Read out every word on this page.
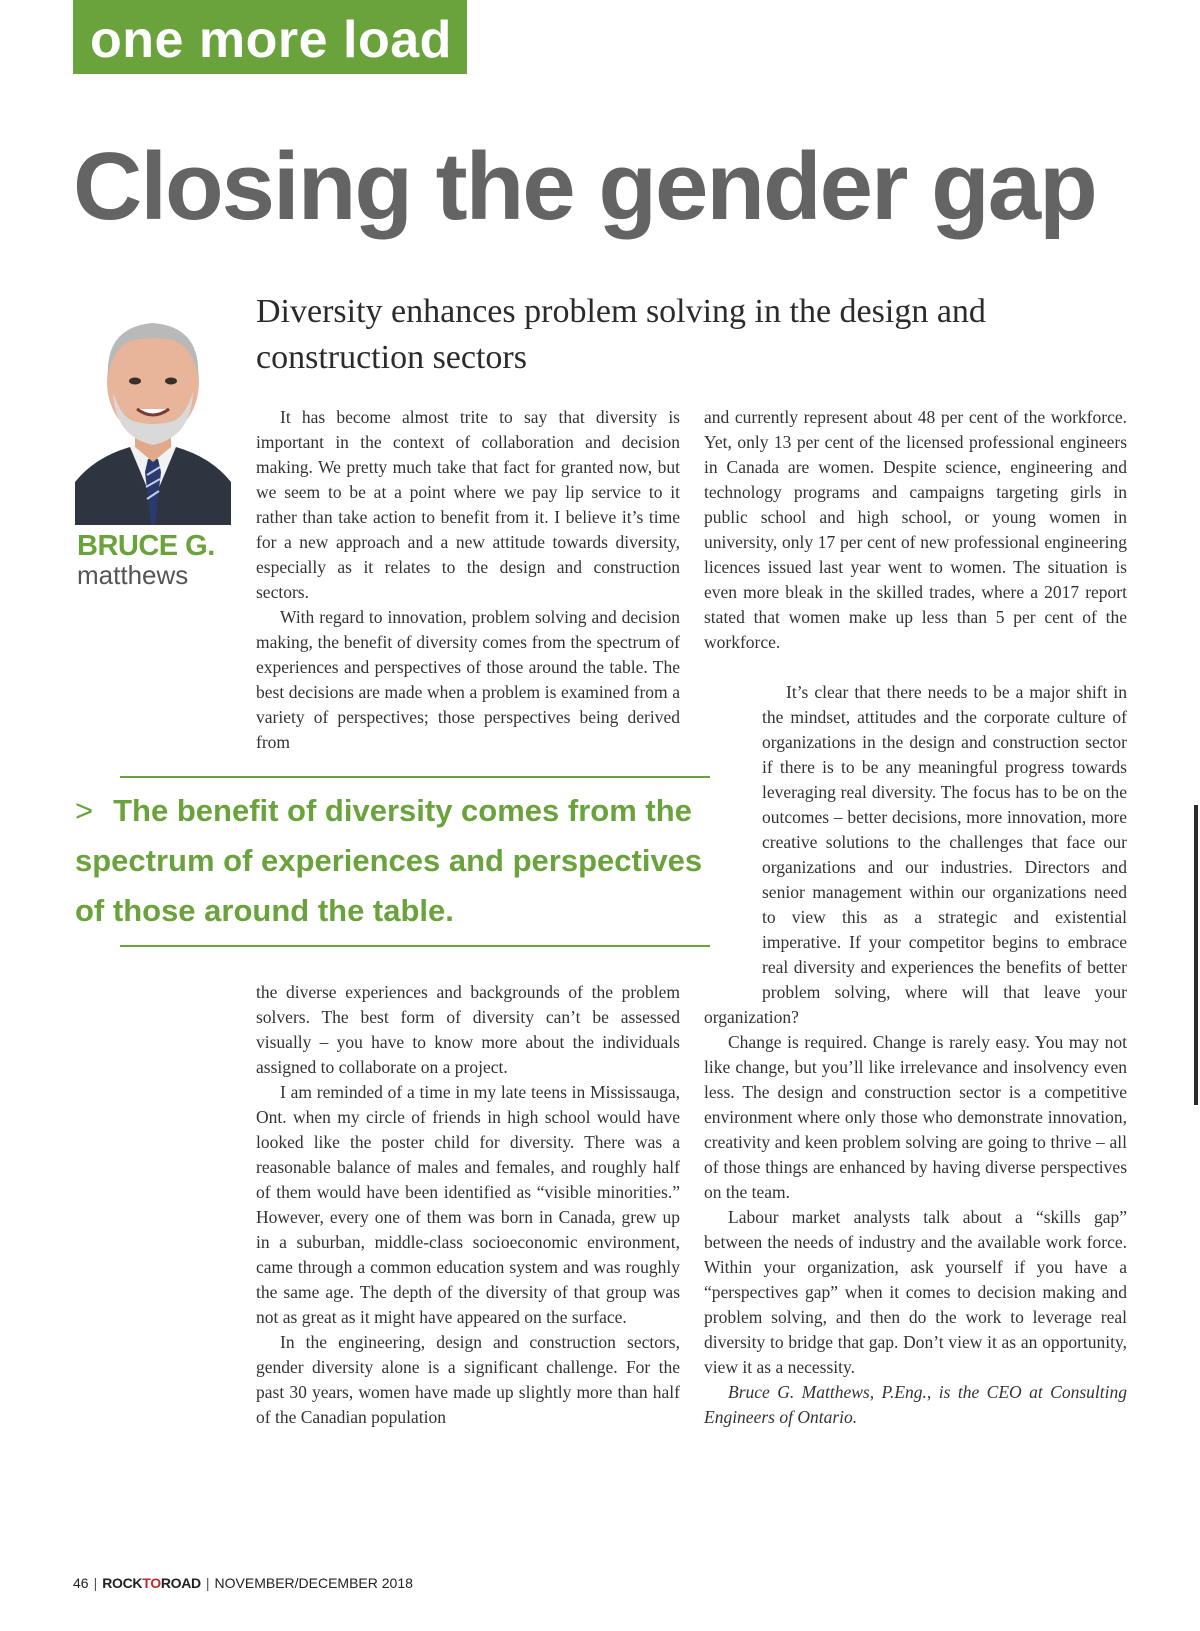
one more load
Closing the gender gap
BRUCE G.
matthews
Diversity enhances problem solving in the design and construction sectors

It has become almost trite to say that diversity is important in the context of collaboration and decision making. We pretty much take that fact for granted now, but we seem to be at a point where we pay lip service to it rather than take action to benefit from it. I believe it’s time for a new approach and a new attitude towards diversity, especially as it relates to the design and construction sectors.

With regard to innovation, problem solving and decision making, the benefit of diversity comes from the spectrum of experiences and perspectives of those around the table. The best decisions are made when a problem is examined from a variety of perspectives; those perspectives being derived from

> The benefit of diversity comes from the spectrum of experiences and perspectives of those around the table.

the diverse experiences and backgrounds of the problem solvers. The best form of diversity can’t be assessed visually – you have to know more about the individuals assigned to collaborate on a project.

I am reminded of a time in my late teens in Mississauga, Ont. when my circle of friends in high school would have looked like the poster child for diversity. There was a reasonable balance of males and females, and roughly half of them would have been identified as “visible minorities.” However, every one of them was born in Canada, grew up in a suburban, middle-class socioeconomic environment, came through a common education system and was roughly the same age. The depth of the diversity of that group was not as great as it might have appeared on the surface.

In the engineering, design and construction sectors, gender diversity alone is a significant challenge. For the past 30 years, women have made up slightly more than half of the Canadian population

and currently represent about 48 per cent of the workforce. Yet, only 13 per cent of the licensed professional engineers in Canada are women. Despite science, engineering and technology programs and campaigns targeting girls in public school and high school, or young women in university, only 17 per cent of new professional engineering licences issued last year went to women. The situation is even more bleak in the skilled trades, where a 2017 report stated that women make up less than 5 per cent of the workforce.

It’s clear that there needs to be a major shift in the mindset, attitudes and the corporate culture of organizations in the design and construction sector if there is to be any meaningful progress towards leveraging real diversity. The focus has to be on the outcomes – better decisions, more innovation, more creative solutions to the challenges that face our organizations and our industries. Directors and senior management within our organizations need to view this as a strategic and existential imperative. If your competitor begins to embrace real diversity and experiences the benefits of better problem solving, where will that leave your organization?

Change is required. Change is rarely easy. You may not like change, but you’ll like irrelevance and insolvency even less. The design and construction sector is a competitive environment where only those who demonstrate innovation, creativity and keen problem solving are going to thrive – all of those things are enhanced by having diverse perspectives on the team.

Labour market analysts talk about a “skills gap” between the needs of industry and the available work force. Within your organization, ask yourself if you have a “perspectives gap” when it comes to decision making and problem solving, and then do the work to leverage real diversity to bridge that gap. Don’t view it as an opportunity, view it as a necessity.

Bruce G. Matthews, P.Eng., is the CEO at Consulting Engineers of Ontario.

46 | ROCKTOROAD | NOVEMBER/DECEMBER 2018
